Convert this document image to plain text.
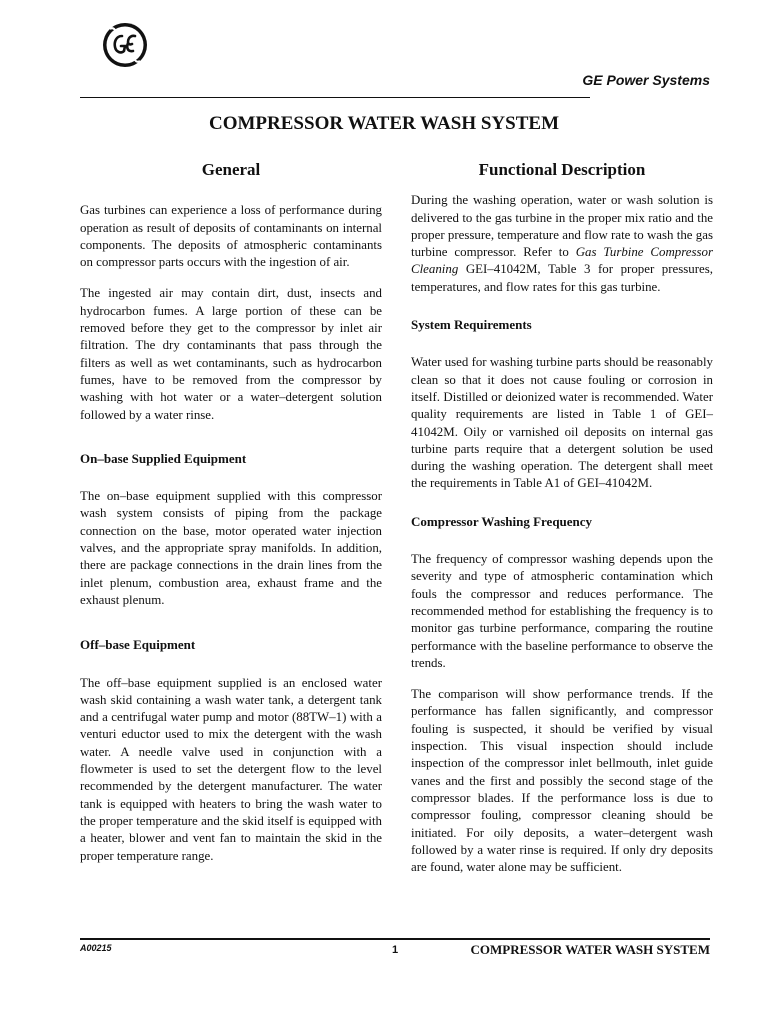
GE Power Systems
COMPRESSOR WATER WASH SYSTEM
General

Gas turbines can experience a loss of performance during operation as result of deposits of contaminants on internal components. The deposits of atmospheric contaminants on compressor parts occurs with the ingestion of air.

The ingested air may contain dirt, dust, insects and hydrocarbon fumes. A large portion of these can be removed before they get to the compressor by inlet air filtration. The dry contaminants that pass through the filters as well as wet contaminants, such as hydrocarbon fumes, have to be removed from the compressor by washing with hot water or a water–detergent solution followed by a water rinse.

On–base Supplied Equipment

The on–base equipment supplied with this compressor wash system consists of piping from the package connection on the base, motor operated water injection valves, and the appropriate spray manifolds. In addition, there are package connections in the drain lines from the inlet plenum, combustion area, exhaust frame and the exhaust plenum.

Off–base Equipment

The off–base equipment supplied is an enclosed water wash skid containing a wash water tank, a detergent tank and a centrifugal water pump and motor (88TW–1) with a venturi eductor used to mix the detergent with the wash water. A needle valve used in conjunction with a flowmeter is used to set the detergent flow to the level recommended by the detergent manufacturer. The water tank is equipped with heaters to bring the wash water to the proper temperature and the skid itself is equipped with a heater, blower and vent fan to maintain the skid in the proper temperature range.

Functional Description

During the washing operation, water or wash solution is delivered to the gas turbine in the proper mix ratio and the proper pressure, temperature and flow rate to wash the gas turbine compressor. Refer to Gas Turbine Compressor Cleaning GEI–41042M, Table 3 for proper pressures, temperatures, and flow rates for this gas turbine.

System Requirements

Water used for washing turbine parts should be reasonably clean so that it does not cause fouling or corrosion in itself. Distilled or deionized water is recommended. Water quality requirements are listed in Table 1 of GEI–41042M. Oily or varnished oil deposits on internal gas turbine parts require that a detergent solution be used during the washing operation. The detergent shall meet the requirements in Table A1 of GEI–41042M.

Compressor Washing Frequency

The frequency of compressor washing depends upon the severity and type of atmospheric contamination which fouls the compressor and reduces performance. The recommended method for establishing the frequency is to monitor gas turbine performance, comparing the routine performance with the baseline performance to observe the trends.

The comparison will show performance trends. If the performance has fallen significantly, and compressor fouling is suspected, it should be verified by visual inspection. This visual inspection should include inspection of the compressor inlet bellmouth, inlet guide vanes and the first and possibly the second stage of the compressor blades. If the performance loss is due to compressor fouling, compressor cleaning should be initiated. For oily deposits, a water–detergent wash followed by a water rinse is required. If only dry deposits are found, water alone may be sufficient.

A00215	1	COMPRESSOR WATER WASH SYSTEM
